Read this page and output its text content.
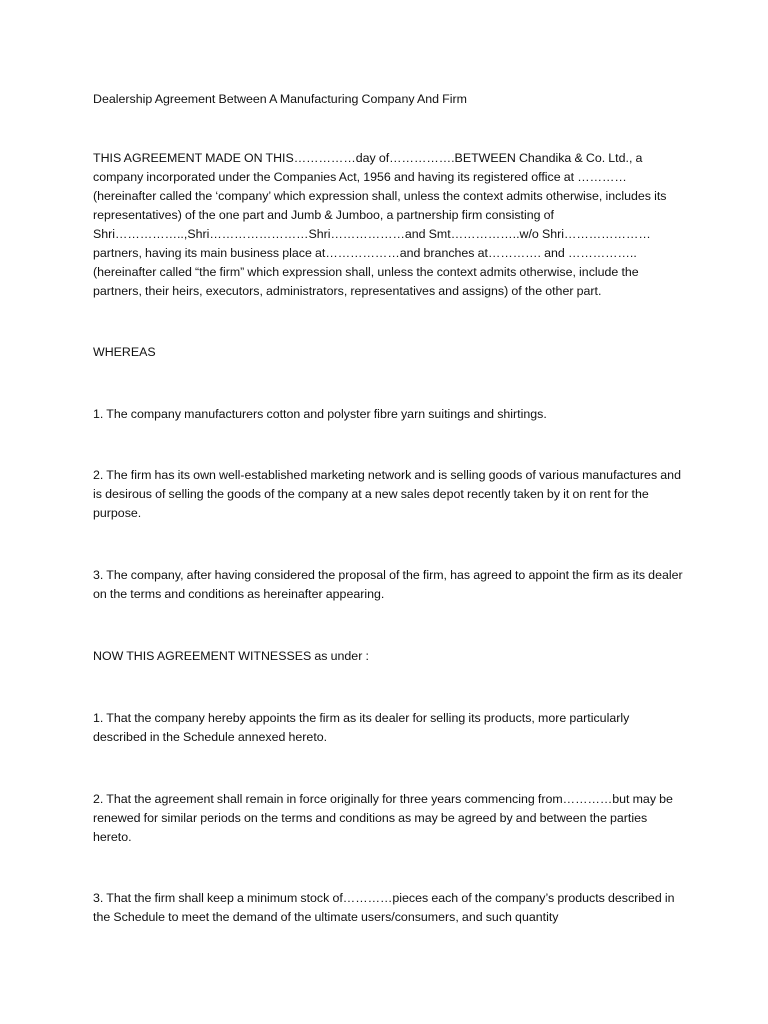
Dealership Agreement Between A Manufacturing Company And Firm

THIS AGREEMENT MADE ON THIS……………day of…………….BETWEEN Chandika & Co. Ltd., a company incorporated under the Companies Act, 1956 and having its registered office at …………(hereinafter called the ‘company’ which expression shall, unless the context admits otherwise, includes its representatives) of the one part and Jumb & Jumboo, a partnership firm consisting of Shri……………..,Shri……………………Shri………………and Smt……………..w/o Shri…………………partners, having its main business place at………………and branches at…………. and ……………..(hereinafter called “the firm” which expression shall, unless the context admits otherwise, include the partners, their heirs, executors, administrators, representatives and assigns) of the other part.

WHEREAS

1. The company manufacturers cotton and polyster fibre yarn suitings and shirtings.

2. The firm has its own well-established marketing network and is selling goods of various manufactures and is desirous of selling the goods of the company at a new sales depot recently taken by it on rent for the purpose.

3. The company, after having considered the proposal of the firm, has agreed to appoint the firm as its dealer on the terms and conditions as hereinafter appearing.

NOW THIS AGREEMENT WITNESSES as under :

1. That the company hereby appoints the firm as its dealer for selling its products, more particularly described in the Schedule annexed hereto.

2. That the agreement shall remain in force originally for three years commencing from…………but may be renewed for similar periods on the terms and conditions as may be agreed by and between the parties hereto.

3. That the firm shall keep a minimum stock of…………pieces each of the company’s products described in the Schedule to meet the demand of the ultimate users/consumers, and such quantity
